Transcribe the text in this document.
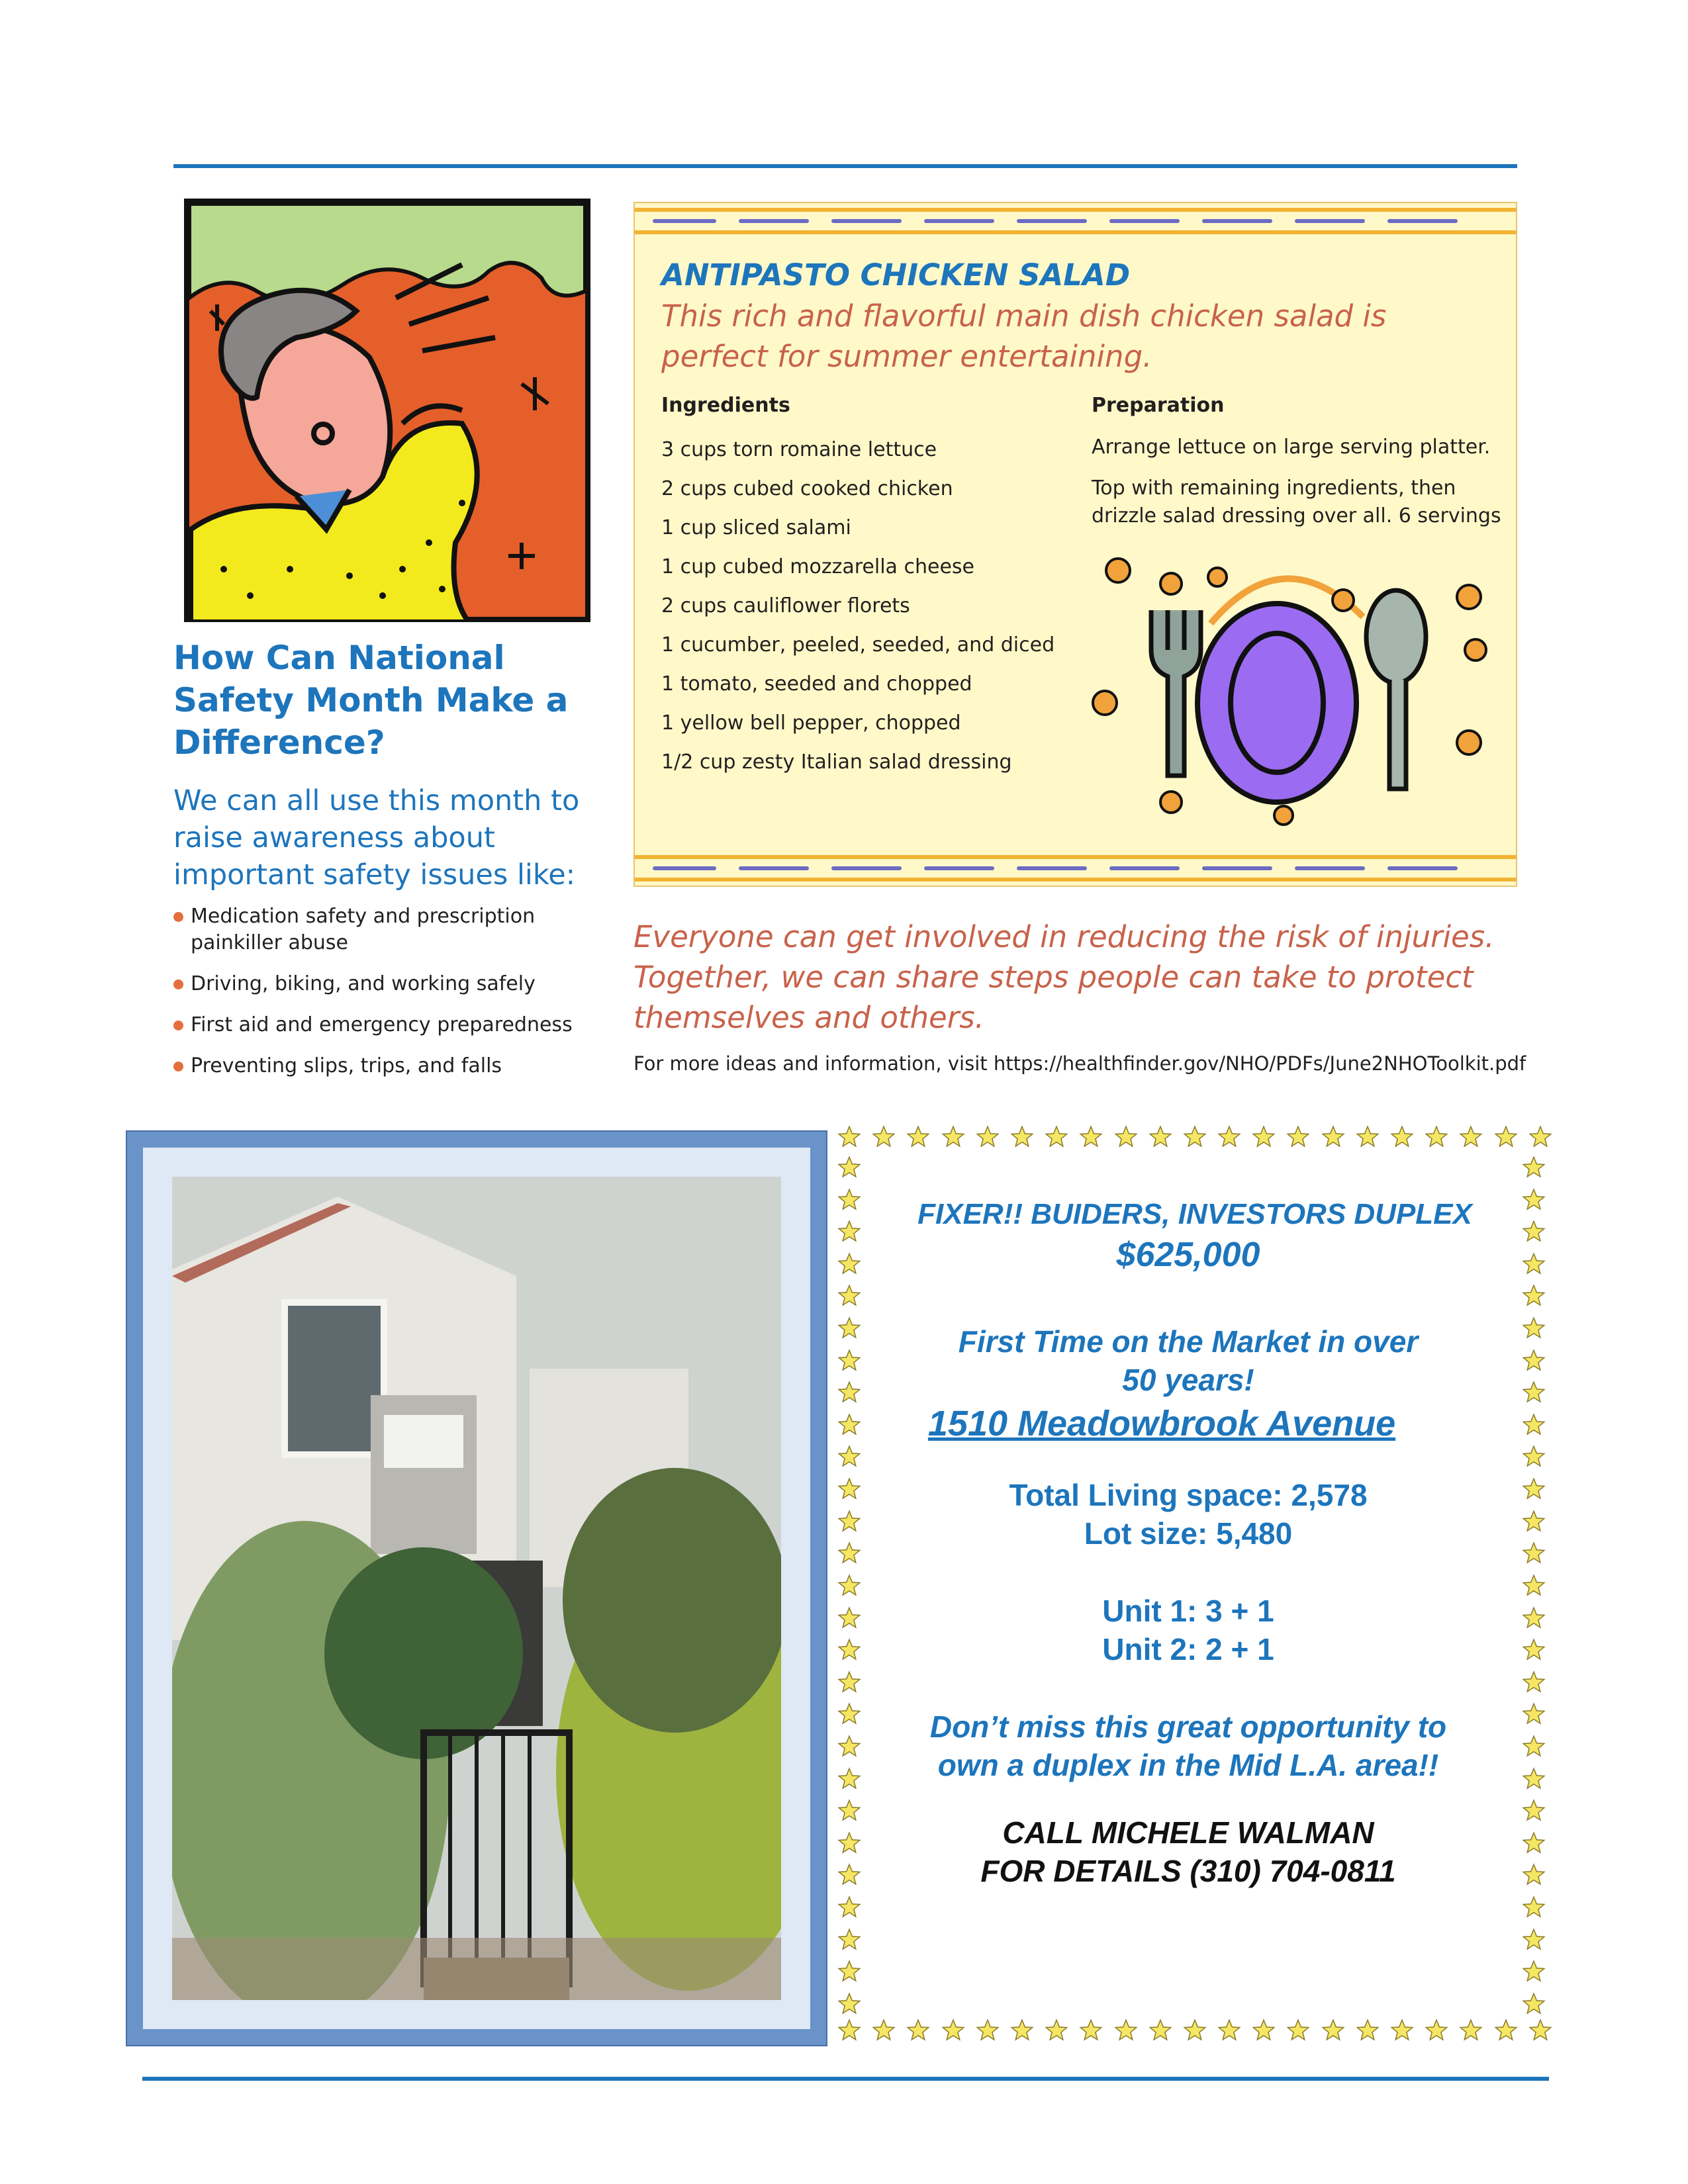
How Can National Safety Month Make a Difference?

We can all use this month to raise awareness about important safety issues like:

Medication safety and prescription painkiller abuse
Driving, biking, and working safely
First aid and emergency preparedness
Preventing slips, trips, and falls
ANTIPASTO CHICKEN SALAD

This rich and flavorful main dish chicken salad is perfect for summer entertaining.

Ingredients	Preparation
3 cups torn romaine lettuce
2 cups cubed cooked chicken
1 cup sliced salami
1 cup cubed mozzarella cheese
2 cups cauliflower florets
1 cucumber, peeled, seeded, and diced
1 tomato, seeded and chopped
1 yellow bell pepper, chopped
1/2 cup zesty Italian salad dressing

Arrange lettuce on large serving platter.

Top with remaining ingredients, then drizzle salad dressing over all. 6 servings

Everyone can get involved in reducing the risk of injuries. Together, we can share steps people can take to protect themselves and others.

For more ideas and information, visit https://healthfinder.gov/NHO/PDFs/June2NHOToolkit.pdf

FIXER!! BUIDERS, INVESTORS DUPLEX

$625,000

First Time on the Market in over
50 years!

1510 Meadowbrook Avenue

Total Living space: 2,578
Lot size: 5,480

Unit 1: 3 + 1
Unit 2: 2 + 1

Don’t miss this great opportunity to
own a duplex in the Mid L.A. area!!

CALL MICHELE WALMAN
FOR DETAILS (310) 704-0811
